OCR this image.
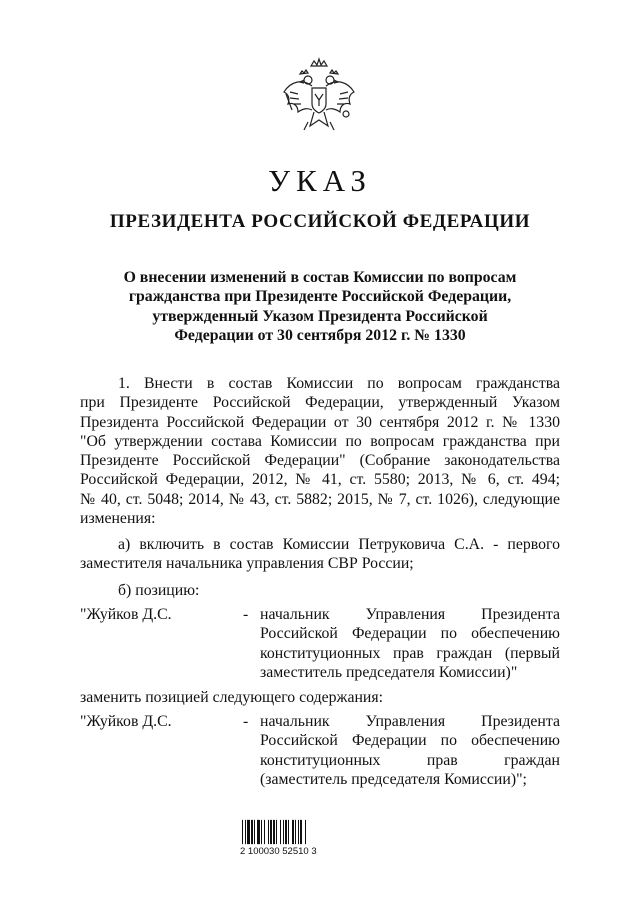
УКАЗ
ПРЕЗИДЕНТА РОССИЙСКОЙ ФЕДЕРАЦИИ
О внесении изменений в состав Комиссии по вопросам
гражданства при Президенте Российской Федерации,
утвержденный Указом Президента Российской
Федерации от 30 сентября 2012 г. № 1330
1. Внести в состав Комиссии по вопросам гражданства
при Президенте Российской Федерации, утвержденный Указом
Президента Российской Федерации от 30 сентября 2012 г. № 1330
"Об утверждении состава Комиссии по вопросам гражданства при
Президенте Российской Федерации" (Собрание законодательства
Российской Федерации, 2012, № 41, ст. 5580; 2013, № 6, ст. 494;
№ 40, ст. 5048; 2014, № 43, ст. 5882; 2015, № 7, ст. 1026), следующие
изменения:
а) включить в состав Комиссии Петруковича С.А. - первого
заместителя начальника управления СВР России;
б) позицию:
"Жуйков Д.С.	- начальник Управления Президента
Российской Федерации по обеспечению
конституционных прав граждан (первый
заместитель председателя Комиссии)"
заменить позицией следующего содержания:
"Жуйков Д.С.	- начальник Управления Президента
Российской Федерации по обеспечению
конституционных прав граждан
(заместитель председателя Комиссии)";
2 100030 52510 3
